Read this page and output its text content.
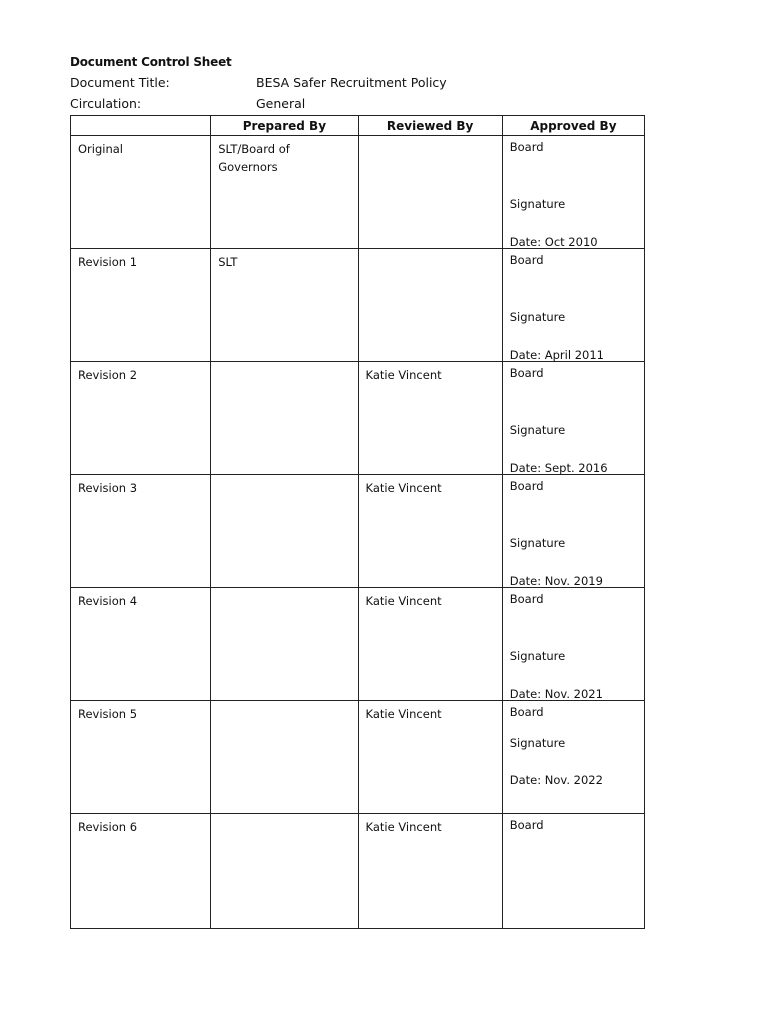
Document Control Sheet
Document Title:	BESA Safer Recruitment Policy
Circulation:	General
	Prepared By	Reviewed By	Approved By

Original	SLT/Board of Governors		Board
Signature
Date: Oct 2010

Revision 1	SLT		Board
Signature
Date: April 2011

Revision 2		Katie Vincent	Board
Signature
Date: Sept. 2016

Revision 3		Katie Vincent	Board
Signature
Date: Nov. 2019

Revision 4		Katie Vincent	Board
Signature
Date: Nov. 2021

Revision 5		Katie Vincent	Board
Signature
Date: Nov. 2022

Revision 6		Katie Vincent	Board
